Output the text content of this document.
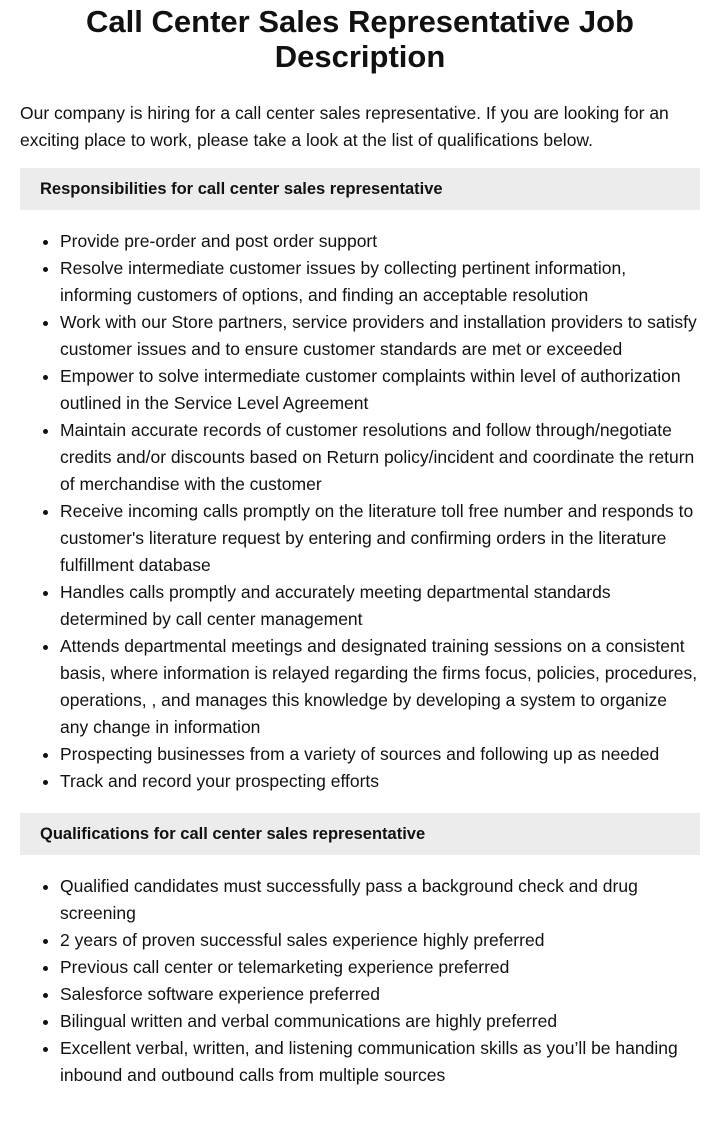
Call Center Sales Representative Job Description

Our company is hiring for a call center sales representative. If you are looking for an exciting place to work, please take a look at the list of qualifications below.

Responsibilities for call center sales representative
• Provide pre-order and post order support
• Resolve intermediate customer issues by collecting pertinent information, informing customers of options, and finding an acceptable resolution
• Work with our Store partners, service providers and installation providers to satisfy customer issues and to ensure customer standards are met or exceeded
• Empower to solve intermediate customer complaints within level of authorization outlined in the Service Level Agreement
• Maintain accurate records of customer resolutions and follow through/negotiate credits and/or discounts based on Return policy/incident and coordinate the return of merchandise with the customer
• Receive incoming calls promptly on the literature toll free number and responds to customer's literature request by entering and confirming orders in the literature fulfillment database
• Handles calls promptly and accurately meeting departmental standards determined by call center management
• Attends departmental meetings and designated training sessions on a consistent basis, where information is relayed regarding the firms focus, policies, procedures, operations, , and manages this knowledge by developing a system to organize any change in information
• Prospecting businesses from a variety of sources and following up as needed
• Track and record your prospecting efforts
Qualifications for call center sales representative
• Qualified candidates must successfully pass a background check and drug screening
• 2 years of proven successful sales experience highly preferred
• Previous call center or telemarketing experience preferred
• Salesforce software experience preferred
• Bilingual written and verbal communications are highly preferred
• Excellent verbal, written, and listening communication skills as you’ll be handing inbound and outbound calls from multiple sources
